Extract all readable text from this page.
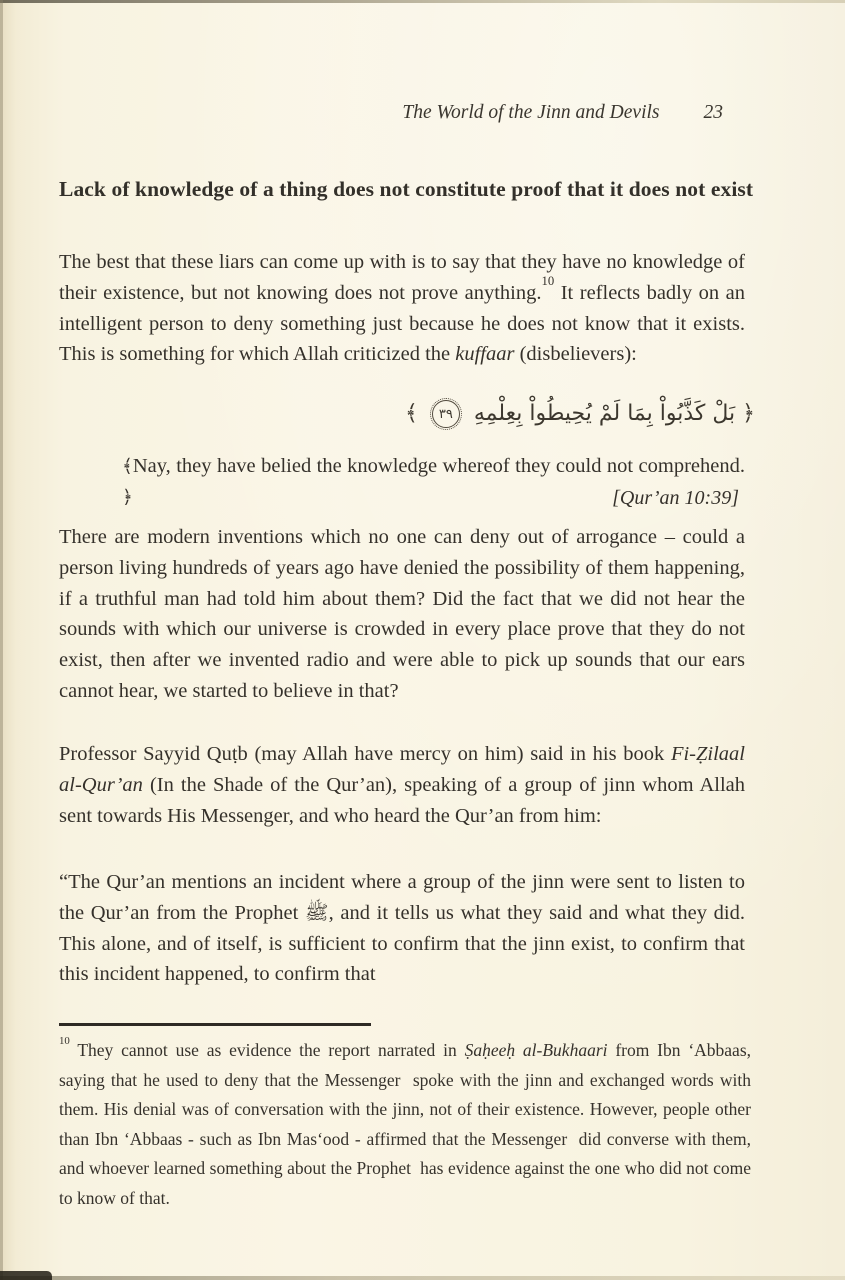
The World of the Jinn and Devils 23
Lack of knowledge of a thing does not constitute proof that it does not exist

The best that these liars can come up with is to say that they have no knowledge of their existence, but not knowing does not prove anything.$^{10}$ It reflects badly on an intelligent person to deny something just because he does not know that it exists. This is something for which Allah criticized the kuffaar (disbelievers):

﴿ بَلْ كَذَّبُواْ بِمَا لَمْ يُحِيطُواْ بِعِلْمِهِ ٣٩ ﴾

﴾Nay, they have belied the knowledge whereof they could not comprehend.﴿	[Qur’an 10:39]

There are modern inventions which no one can deny out of arrogance – could a person living hundreds of years ago have denied the possibility of them happening, if a truthful man had told him about them? Did the fact that we did not hear the sounds with which our universe is crowded in every place prove that they do not exist, then after we invented radio and were able to pick up sounds that our ears cannot hear, we started to believe in that?

Professor Sayyid Quṭb (may Allah have mercy on him) said in his book Fi-Ẓilaal al-Qur’an (In the Shade of the Qur’an), speaking of a group of jinn whom Allah sent towards His Messenger, and who heard the Qur’an from him:

“The Qur’an mentions an incident where a group of the jinn were sent to listen to the Qur’an from the Prophet ﷺ, and it tells us what they said and what they did. This alone, and of itself, is sufficient to confirm that the jinn exist, to confirm that this incident happened, to confirm that

$^{10}$ They cannot use as evidence the report narrated in Ṣaḥeeḥ al-Bukhaari from Ibn ‘Abbaas, saying that he used to deny that the Messenger  spoke with the jinn and exchanged words with them. His denial was of conversation with the jinn, not of their existence. However, people other than Ibn ‘Abbaas - such as Ibn Mas‘ood - affirmed that the Messenger  did converse with them, and whoever learned something about the Prophet  has evidence against the one who did not come to know of that.
